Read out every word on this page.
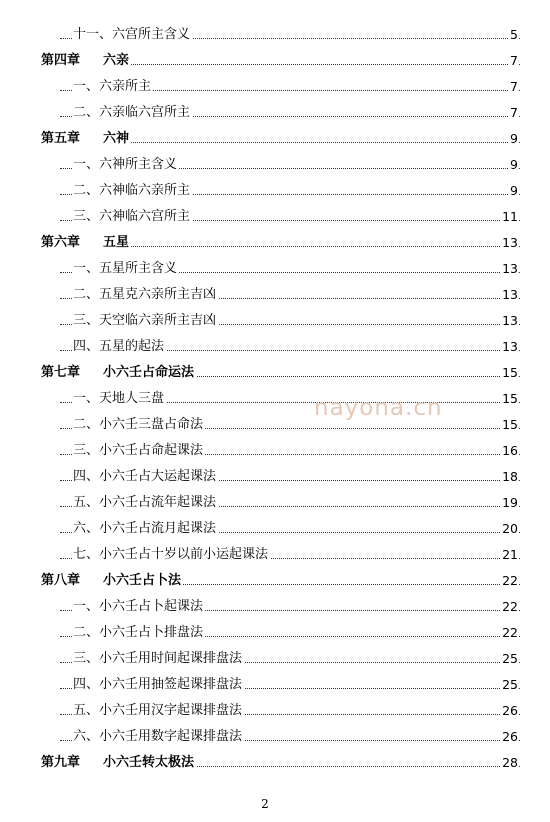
十一、六宫所主含义	5
第四章 六亲	7
一、六亲所主	7
二、六亲临六宫所主	7
第五章 六神	9
一、六神所主含义	9
二、六神临六亲所主	9
三、六神临六宫所主	11
第六章 五星	13
一、五星所主含义	13
二、五星克六亲所主吉凶	13
三、天空临六亲所主吉凶	13
四、五星的起法	13
第七章 小六壬占命运法	15
一、天地人三盘	15
二、小六壬三盘占命法	15
三、小六壬占命起课法	16
四、小六壬占大运起课法	18
五、小六壬占流年起课法	19
六、小六壬占流月起课法	20
七、小六壬占十岁以前小运起课法	21
第八章 小六壬占卜法	22
一、小六壬占卜起课法	22
二、小六壬占卜排盘法	22
三、小六壬用时间起课排盘法	25
四、小六壬用抽签起课排盘法	25
五、小六壬用汉字起课排盘法	26
六、小六壬用数字起课排盘法	26
第九章 小六壬转太极法	28
nayona.cn
2
